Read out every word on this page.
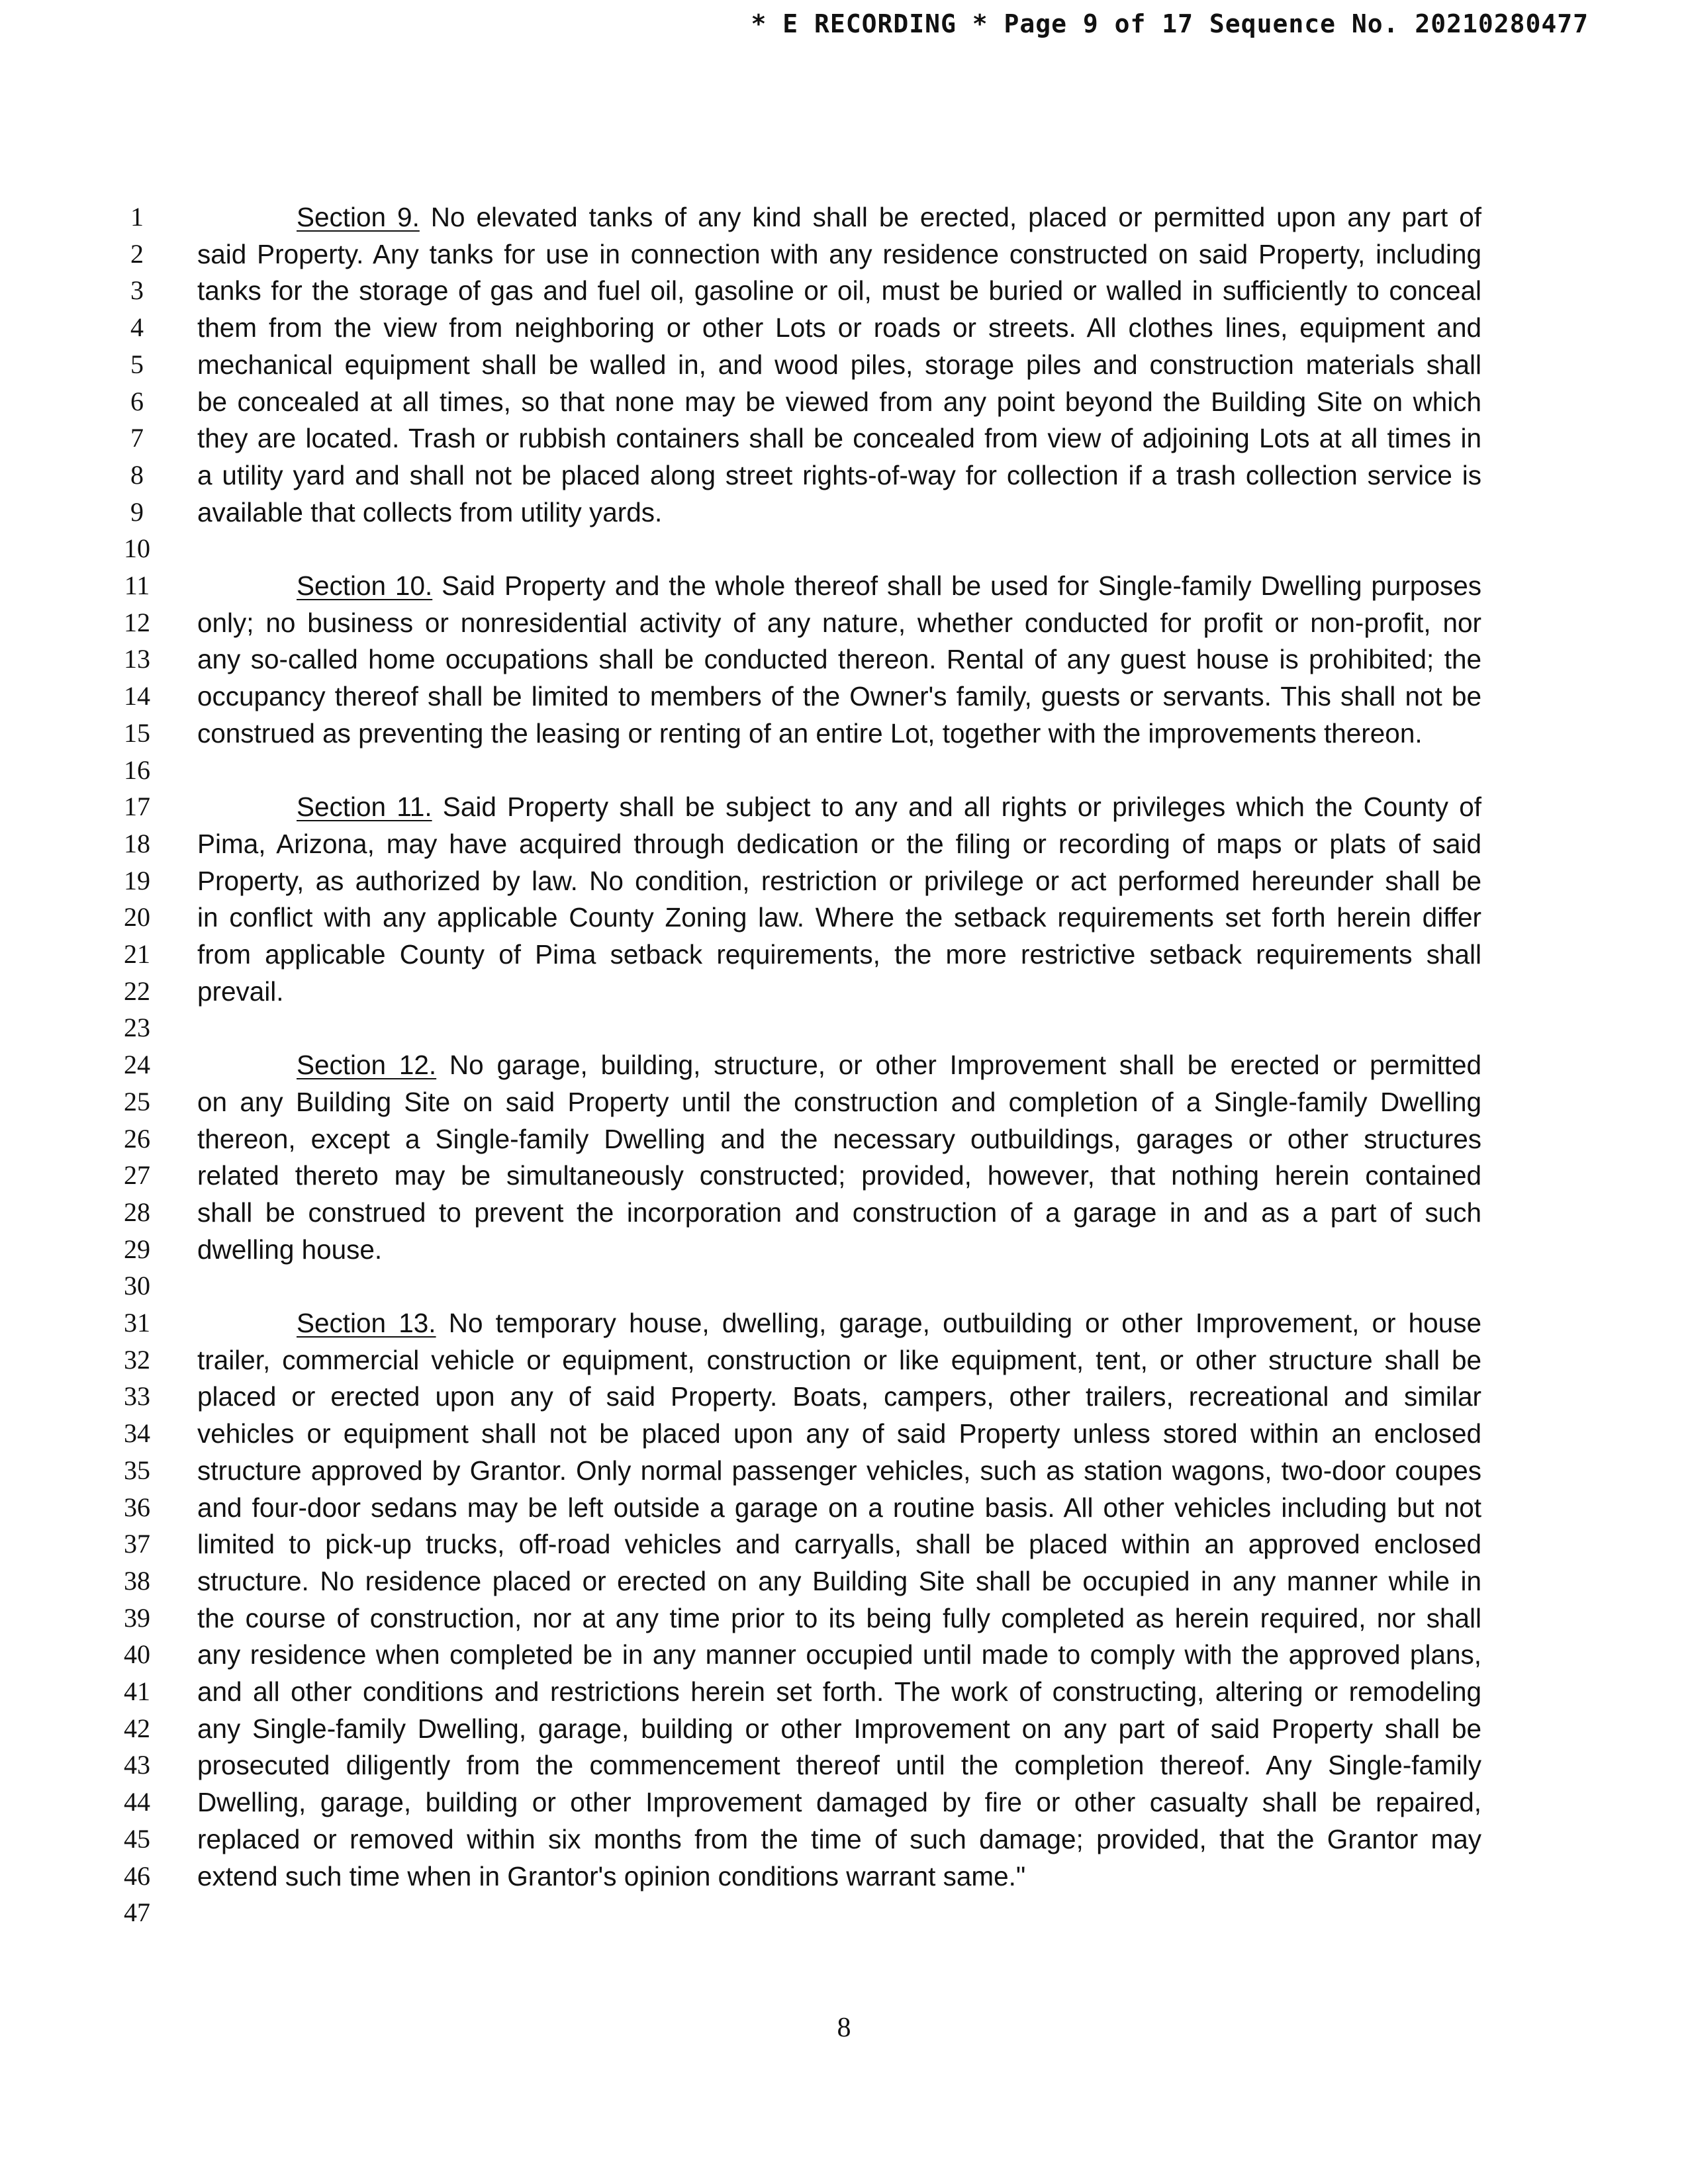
* E RECORDING * Page 9 of 17 Sequence No. 20210280477
1
2
3
4
5
6
7
8
9
10
11
12
13
14
15
16
17
18
19
20
21
22
23
24
25
26
27
28
29
30
31
32
33
34
35
36
37
38
39
40
41
42
43
44
45
46
47
Section 9. No elevated tanks of any kind shall be erected, placed or permitted upon any part of
said Property. Any tanks for use in connection with any residence constructed on said Property, including
tanks for the storage of gas and fuel oil, gasoline or oil, must be buried or walled in sufficiently to conceal
them from the view from neighboring or other Lots or roads or streets. All clothes lines, equipment and
mechanical equipment shall be walled in, and wood piles, storage piles and construction materials shall
be concealed at all times, so that none may be viewed from any point beyond the Building Site on which
they are located. Trash or rubbish containers shall be concealed from view of adjoining Lots at all times in
a utility yard and shall not be placed along street rights-of-way for collection if a trash collection service is
available that collects from utility yards.
Section 10. Said Property and the whole thereof shall be used for Single-family Dwelling purposes
only; no business or nonresidential activity of any nature, whether conducted for profit or non-profit, nor
any so-called home occupations shall be conducted thereon. Rental of any guest house is prohibited; the
occupancy thereof shall be limited to members of the Owner's family, guests or servants. This shall not be
construed as preventing the leasing or renting of an entire Lot, together with the improvements thereon.
Section 11. Said Property shall be subject to any and all rights or privileges which the County of
Pima, Arizona, may have acquired through dedication or the filing or recording of maps or plats of said
Property, as authorized by law. No condition, restriction or privilege or act performed hereunder shall be
in conflict with any applicable County Zoning law. Where the setback requirements set forth herein differ
from applicable County of Pima setback requirements, the more restrictive setback requirements shall
prevail.
Section 12. No garage, building, structure, or other Improvement shall be erected or permitted
on any Building Site on said Property until the construction and completion of a Single-family Dwelling
thereon, except a Single-family Dwelling and the necessary outbuildings, garages or other structures
related thereto may be simultaneously constructed; provided, however, that nothing herein contained
shall be construed to prevent the incorporation and construction of a garage in and as a part of such
dwelling house.
Section 13. No temporary house, dwelling, garage, outbuilding or other Improvement, or house
trailer, commercial vehicle or equipment, construction or like equipment, tent, or other structure shall be
placed or erected upon any of said Property. Boats, campers, other trailers, recreational and similar
vehicles or equipment shall not be placed upon any of said Property unless stored within an enclosed
structure approved by Grantor. Only normal passenger vehicles, such as station wagons, two-door coupes
and four-door sedans may be left outside a garage on a routine basis. All other vehicles including but not
limited to pick-up trucks, off-road vehicles and carryalls, shall be placed within an approved enclosed
structure. No residence placed or erected on any Building Site shall be occupied in any manner while in
the course of construction, nor at any time prior to its being fully completed as herein required, nor shall
any residence when completed be in any manner occupied until made to comply with the approved plans,
and all other conditions and restrictions herein set forth. The work of constructing, altering or remodeling
any Single-family Dwelling, garage, building or other Improvement on any part of said Property shall be
prosecuted diligently from the commencement thereof until the completion thereof. Any Single-family
Dwelling, garage, building or other Improvement damaged by fire or other casualty shall be repaired,
replaced or removed within six months from the time of such damage; provided, that the Grantor may
extend such time when in Grantor's opinion conditions warrant same."
8
